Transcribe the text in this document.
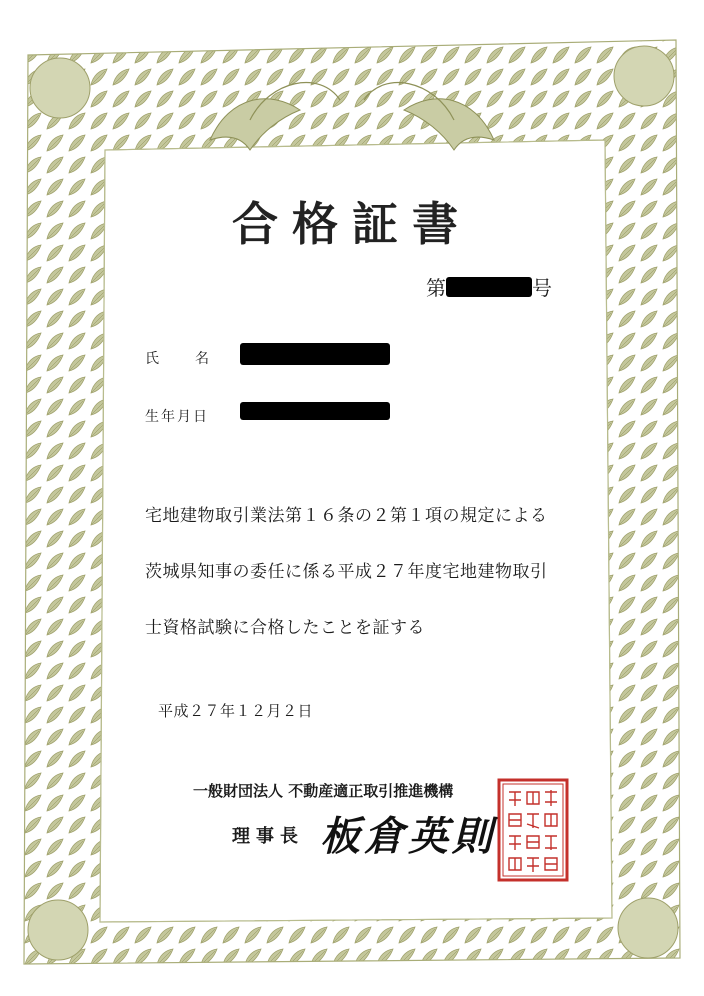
合格証書
第	号
氏 名
生年月日
宅地建物取引業法第１６条の２第１項の規定による
茨城県知事の委任に係る平成２７年度宅地建物取引
士資格試験に合格したことを証する
平成２７年１２月２日
一般財団法人 不動産適正取引推進機構
理事長 板倉英則
